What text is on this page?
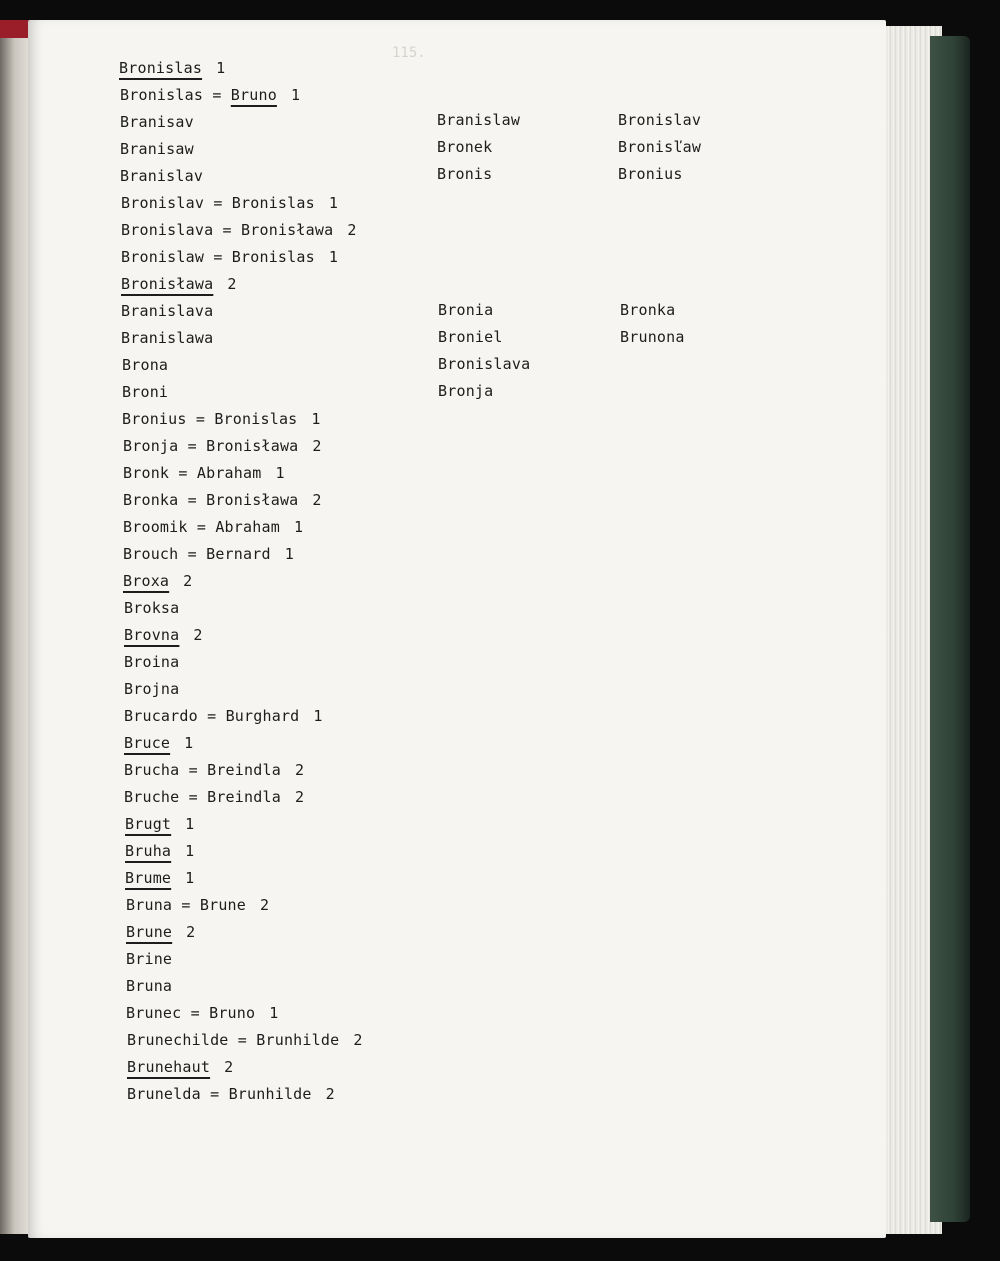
115.
Bronislas 1
Bronislas = Bruno 1
Branisav
Branisaw
Branislav
Bronislav = Bronislas 1
Bronislava = Bronisława 2
Bronislaw = Bronislas 1
Bronisława 2
Branislava
Branislawa
Brona
Broni
Bronius = Bronislas 1
Bronja = Bronisława 2
Bronk = Abraham 1
Bronka = Bronisława 2
Broomik = Abraham 1
Brouch = Bernard 1
Broxa 2
Broksa
Brovna 2
Broina
Brojna
Brucardo = Burghard 1
Bruce 1
Brucha = Breindla 2
Bruche = Breindla 2
Brugt 1
Bruha 1
Brume 1
Bruna = Brune 2
Brune 2
Brine
Bruna
Brunec = Bruno 1
Brunechilde = Brunhilde 2
Brunehaut 2
Brunelda = Brunhilde 2
Branislaw
Bronek
Bronis
Bronislav
Bronisľaw
Bronius
Bronia
Broniel
Bronislava
Bronja
Bronka
Brunona
